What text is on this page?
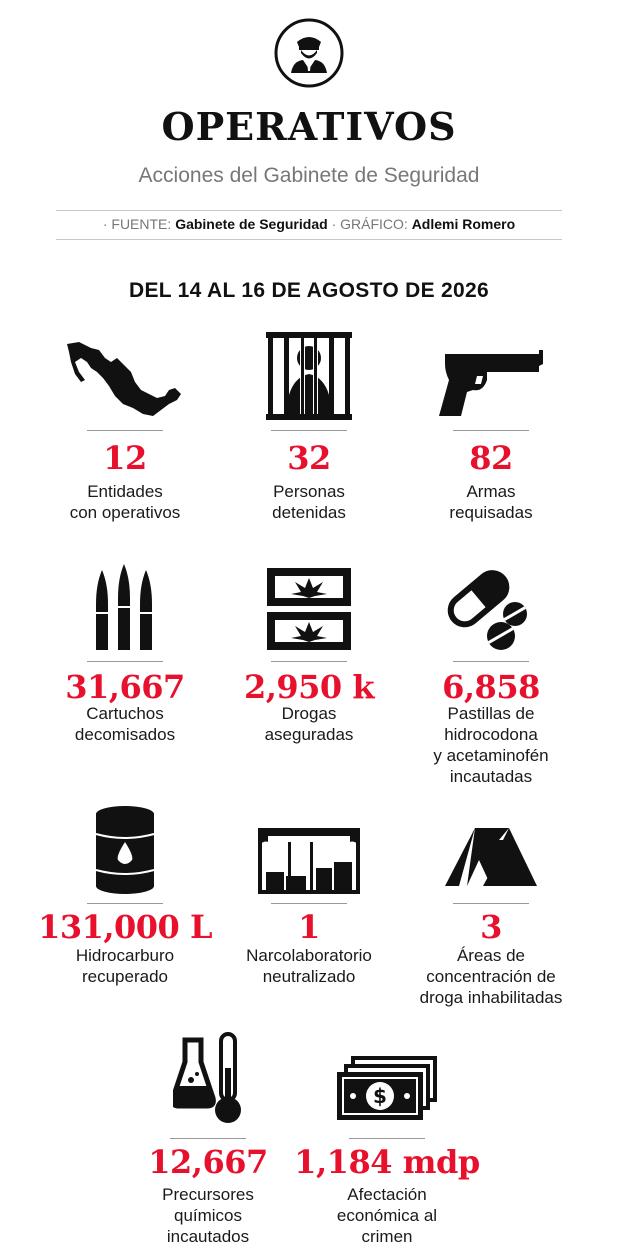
OPERATIVOS
Acciones del Gabinete de Seguridad
· FUENTE: Gabinete de Seguridad · GRÁFICO: Adlemi Romero
DEL 14 AL 16 DE AGOSTO DE 2026
12
Entidades
con operativos
32
Personas
detenidas
82
Armas
requisadas
31,667
Cartuchos
decomisados
2,950 k
Drogas
aseguradas
6,858
Pastillas de
hidrocodona
y acetaminofén
incautadas
131,000 L
Hidrocarburo
recuperado
1
Narcolaboratorio
neutralizado
3
Áreas de
concentración de
droga inhabilitadas
12,667
Precursores
químicos
incautados
$
1,184 mdp
Afectación
económica al
crimen
